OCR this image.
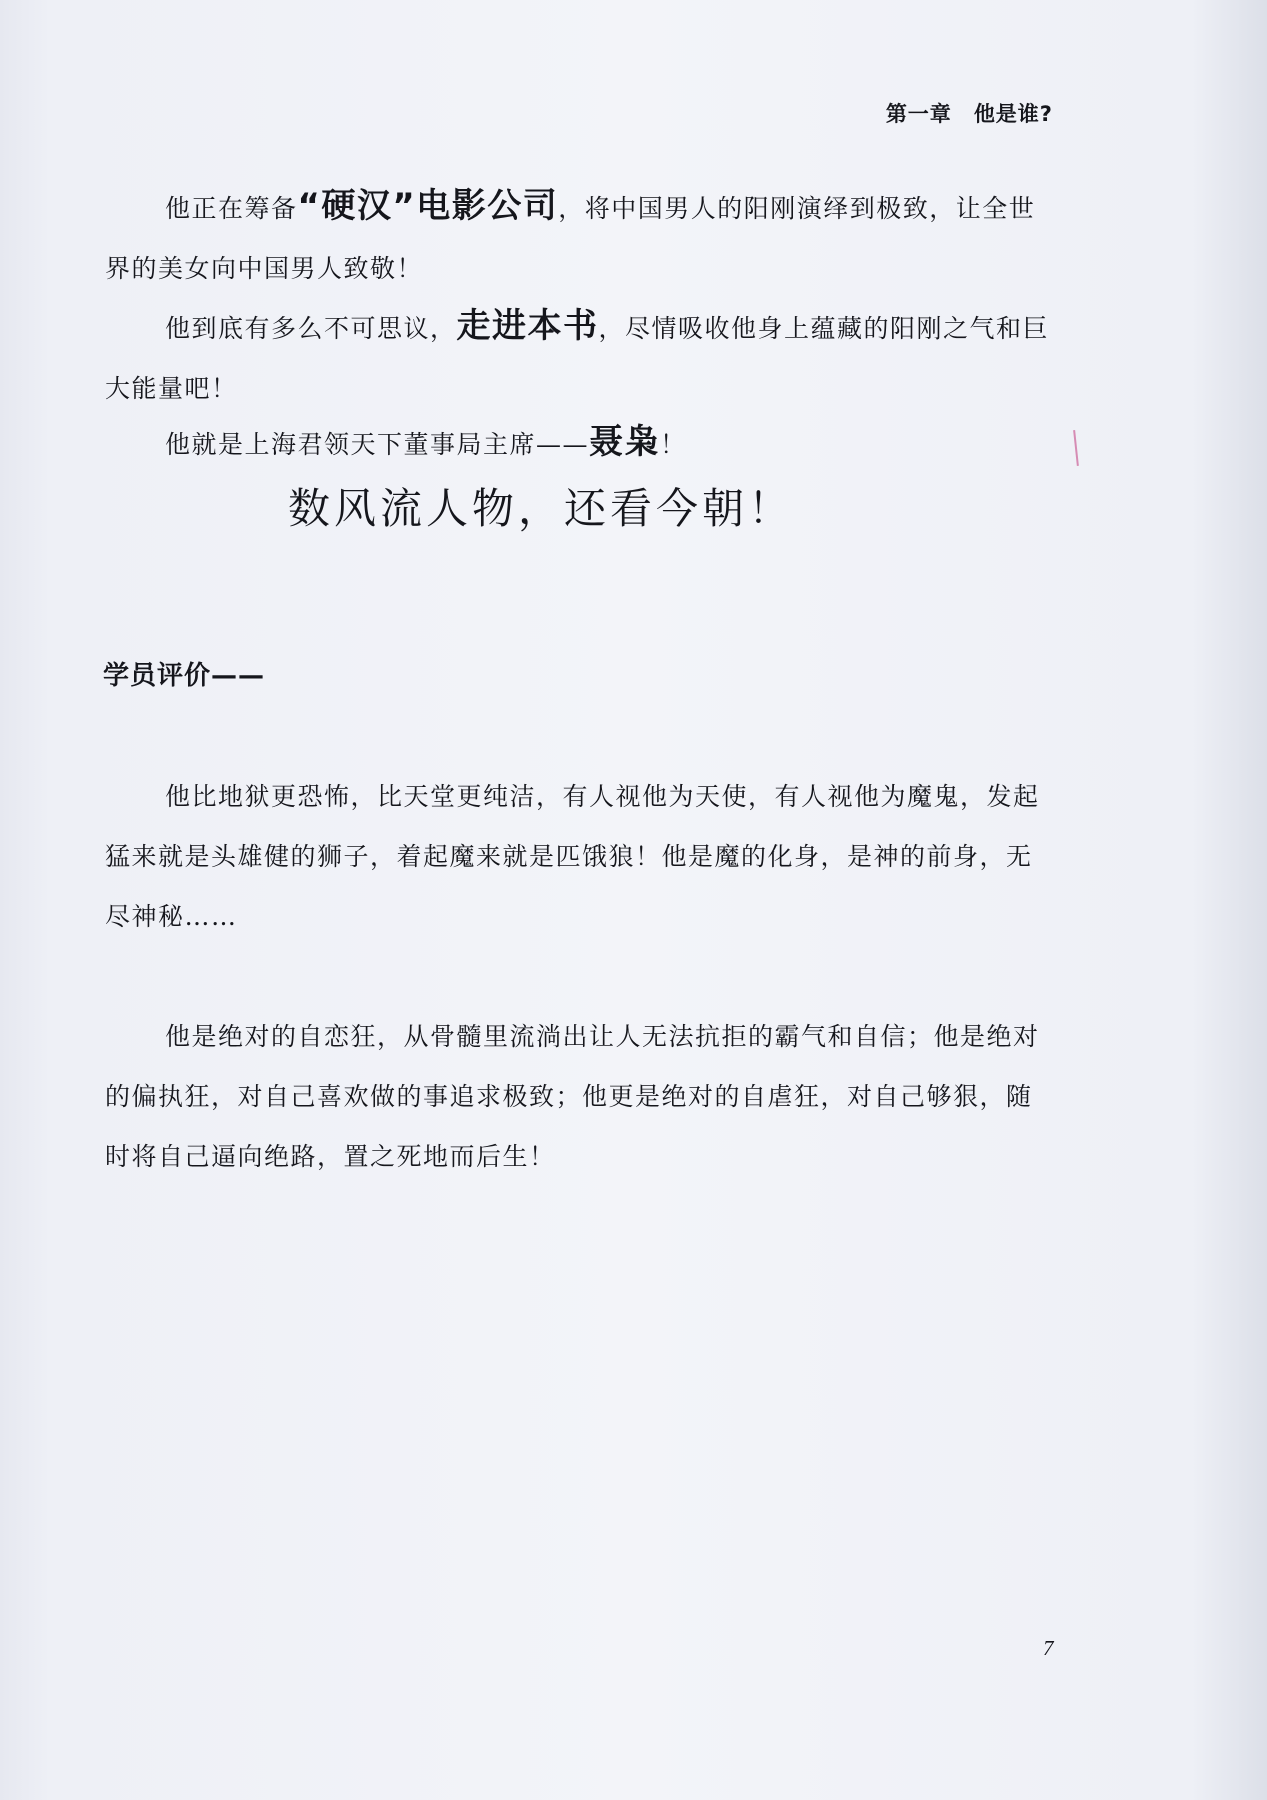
第一章 他是谁?

他正在筹备“硬汉”电影公司，将中国男人的阳刚演绎到极致，让全世界的美女向中国男人致敬！

他到底有多么不可思议，走进本书，尽情吸收他身上蕴藏的阳刚之气和巨大能量吧！

他就是上海君领天下董事局主席——聂枭！

数风流人物，还看今朝！
学员评价——

他比地狱更恐怖，比天堂更纯洁，有人视他为天使，有人视他为魔鬼，发起猛来就是头雄健的狮子，着起魔来就是匹饿狼！他是魔的化身，是神的前身，无尽神秘……

他是绝对的自恋狂，从骨髓里流淌出让人无法抗拒的霸气和自信；他是绝对的偏执狂，对自己喜欢做的事追求极致；他更是绝对的自虐狂，对自己够狠，随时将自己逼向绝路，置之死地而后生！

7
